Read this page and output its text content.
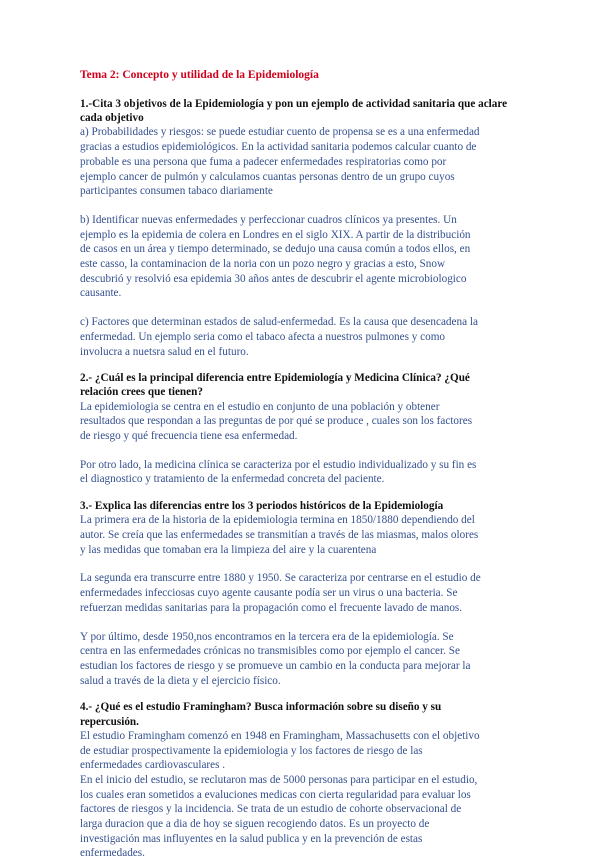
Tema 2: Concepto y utilidad de la Epidemiología
1.-Cita 3 objetivos de la Epidemiología y pon un ejemplo de actividad sanitaria que aclare cada objetivo
a) Probabilidades y riesgos: se puede estudiar cuento de propensa se es a una enfermedad
gracias a estudios epidemiológicos. En la actividad sanitaria podemos calcular cuanto de
probable es una persona que fuma a padecer enfermedades respiratorias como por
ejemplo cancer de pulmón y calculamos cuantas personas dentro de un grupo cuyos
participantes consumen tabaco diariamente
b) Identificar nuevas enfermedades y perfeccionar cuadros clínicos ya presentes. Un
ejemplo es la epidemia de colera en Londres en el siglo XIX. A partir de la distribución
de casos en un área y tiempo determinado, se dedujo una causa común a todos ellos, en
este casso, la contaminacion de la noria con un pozo negro y gracias a esto, Snow
descubrió y resolvió esa epidemia 30 años antes de descubrir el agente microbiologico
causante.
c) Factores que determinan estados de salud-enfermedad. Es la causa que desencadena la
enfermedad. Un ejemplo seria como el tabaco afecta a nuestros pulmones y como
involucra a nuetsra salud en el futuro.
2.- ¿Cuál es la principal diferencia entre Epidemiología y Medicina Clínica? ¿Qué
relación crees que tienen?
La epidemiologia se centra en el estudio en conjunto de una población y obtener
resultados que respondan a las preguntas de por qué se produce , cuales son los factores
de riesgo y qué frecuencia tiene esa enfermedad.
Por otro lado, la medicina clínica se caracteriza por el estudio individualizado y su fin es
el diagnostico y tratamiento de la enfermedad concreta del paciente.
3.- Explica las diferencias entre los 3 periodos históricos de la Epidemiología
La primera era de la historia de la epidemiologia termina en 1850/1880 dependiendo del
autor. Se creía que las enfermedades se transmitían a través de las miasmas, malos olores
y las medidas que tomaban era la limpieza del aire y la cuarentena
La segunda era transcurre entre 1880 y 1950. Se caracteriza por centrarse en el estudio de
enfermedades infecciosas cuyo agente causante podía ser un virus o una bacteria. Se
refuerzan medidas sanitarias para la propagación como el frecuente lavado de manos.
Y por último, desde 1950,nos encontramos en la tercera era de la epidemiología. Se
centra en las enfermedades crónicas no transmisibles como por ejemplo el cancer. Se
estudian los factores de riesgo y se promueve un cambio en la conducta para mejorar la
salud a través de la dieta y el ejercicio físico.
4.- ¿Qué es el estudio Framingham? Busca información sobre su diseño y su
repercusión.
El estudio Framingham comenzó en 1948 en Framingham, Massachusetts con el objetivo
de estudiar prospectivamente la epidemiologia y los factores de riesgo de las
enfermedades cardiovasculares .
En el inicio del estudio, se reclutaron mas de 5000 personas para participar en el estudio,
los cuales eran sometidos a evaluciones medicas con cierta regularidad para evaluar los
factores de riesgos y la incidencia. Se trata de un estudio de cohorte observacional de
larga duracion que a dia de hoy se siguen recogiendo datos. Es un proyecto de
investigación mas influyentes en la salud publica y en la prevención de estas
enfermedades.
